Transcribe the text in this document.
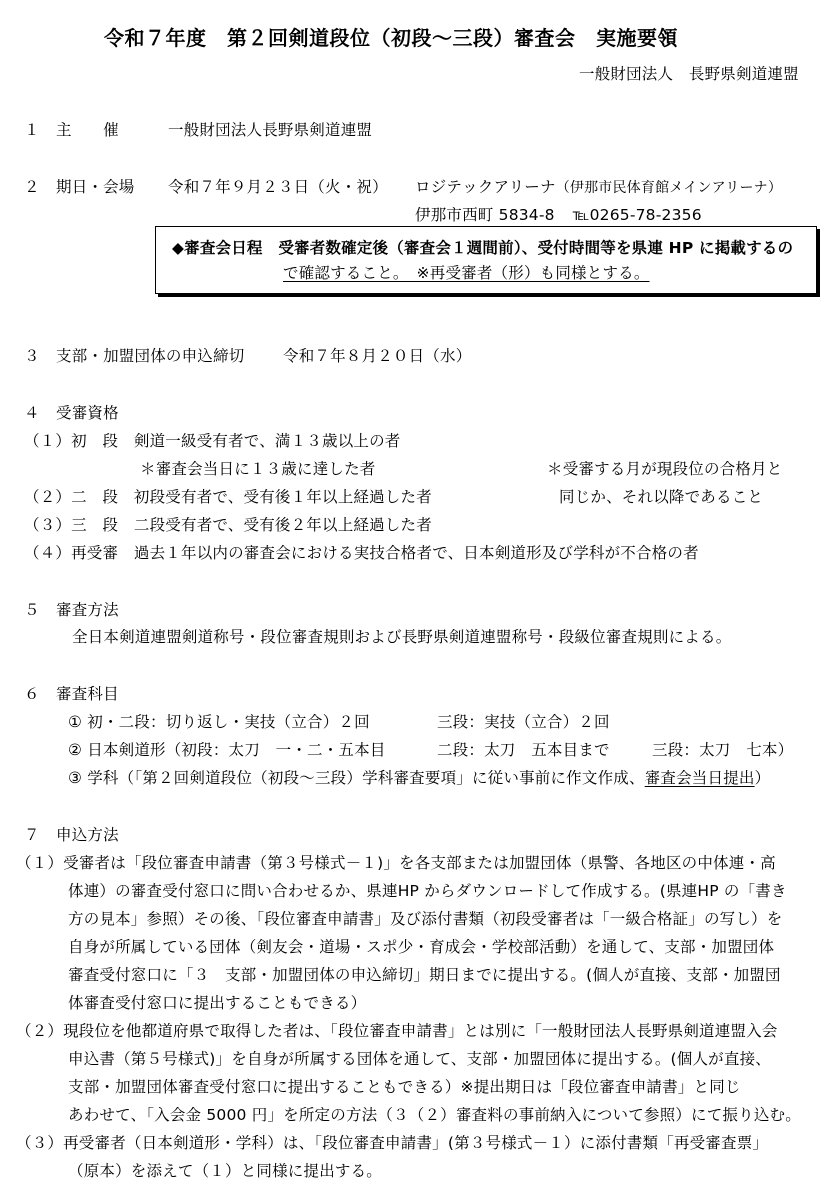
令和７年度　第２回剣道段位（初段～三段）審査会　実施要領
一般財団法人　長野県剣道連盟
１ 主　　催	一般財団法人長野県剣道連盟
２ 期日・会場 令和７年９月２３日（火・祝） ロジテックアリーナ（伊那市民体育館メインアリーナ）
伊那市西町 5834-8 ℡0265-78-2356
◆審査会日程　受審者数確定後（審査会１週間前）、受付時間等を県連 HP に掲載するの
で確認すること。　※再受審者（形）も同様とする。
３ 支部・加盟団体の申込締切 令和７年８月２０日（水）
４ 受審資格
（１）初　段　剣道一級受有者で、満１３歳以上の者
＊審査会当日に１３歳に達した者	＊受審する月が現段位の合格月と
（２）二　段　初段受有者で、受有後１年以上経過した者	同じか、それ以降であること
（３）三　段　二段受有者で、受有後２年以上経過した者
（４）再受審　過去１年以内の審査会における実技合格者で、日本剣道形及び学科が不合格の者
５ 審査方法
全日本剣道連盟剣道称号・段位審査規則および長野県剣道連盟称号・段級位審査規則による。
６ 審査科目
① 初・二段：切り返し・実技（立合）２回	三段：実技（立合）２回
② 日本剣道形（初段：太刀　一・二・五本目	二段：太刀　五本目まで	三段：太刀　七本）
③ 学科（「第２回剣道段位（初段～三段）学科審査要項」に従い事前に作文作成、審査会当日提出）
７ 申込方法
（１）受審者は「段位審査申請書（第３号様式－１)」を各支部または加盟団体（県警、各地区の中体連・高
体連）の審査受付窓口に問い合わせるか、県連HP からダウンロードして作成する。(県連HP の「書き
方の見本」参照）その後、「段位審査申請書」及び添付書類（初段受審者は「一級合格証」の写し）を
自身が所属している団体（剣友会・道場・スポ少・育成会・学校部活動）を通して、支部・加盟団体
審査受付窓口に「３　支部・加盟団体の申込締切」期日までに提出する。(個人が直接、支部・加盟団
体審査受付窓口に提出することもできる）
（２）現段位を他都道府県で取得した者は、「段位審査申請書」とは別に「一般財団法人長野県剣道連盟入会
申込書（第５号様式)」を自身が所属する団体を通して、支部・加盟団体に提出する。(個人が直接、
支部・加盟団体審査受付窓口に提出することもできる）※提出期日は「段位審査申請書」と同じ
あわせて、「入会金 5000 円」を所定の方法（３（２）審査料の事前納入について参照）にて振り込む。
（３）再受審者（日本剣道形・学科）は、「段位審査申請書」(第３号様式－１）に添付書類「再受審査票」
（原本）を添えて（１）と同様に提出する。
